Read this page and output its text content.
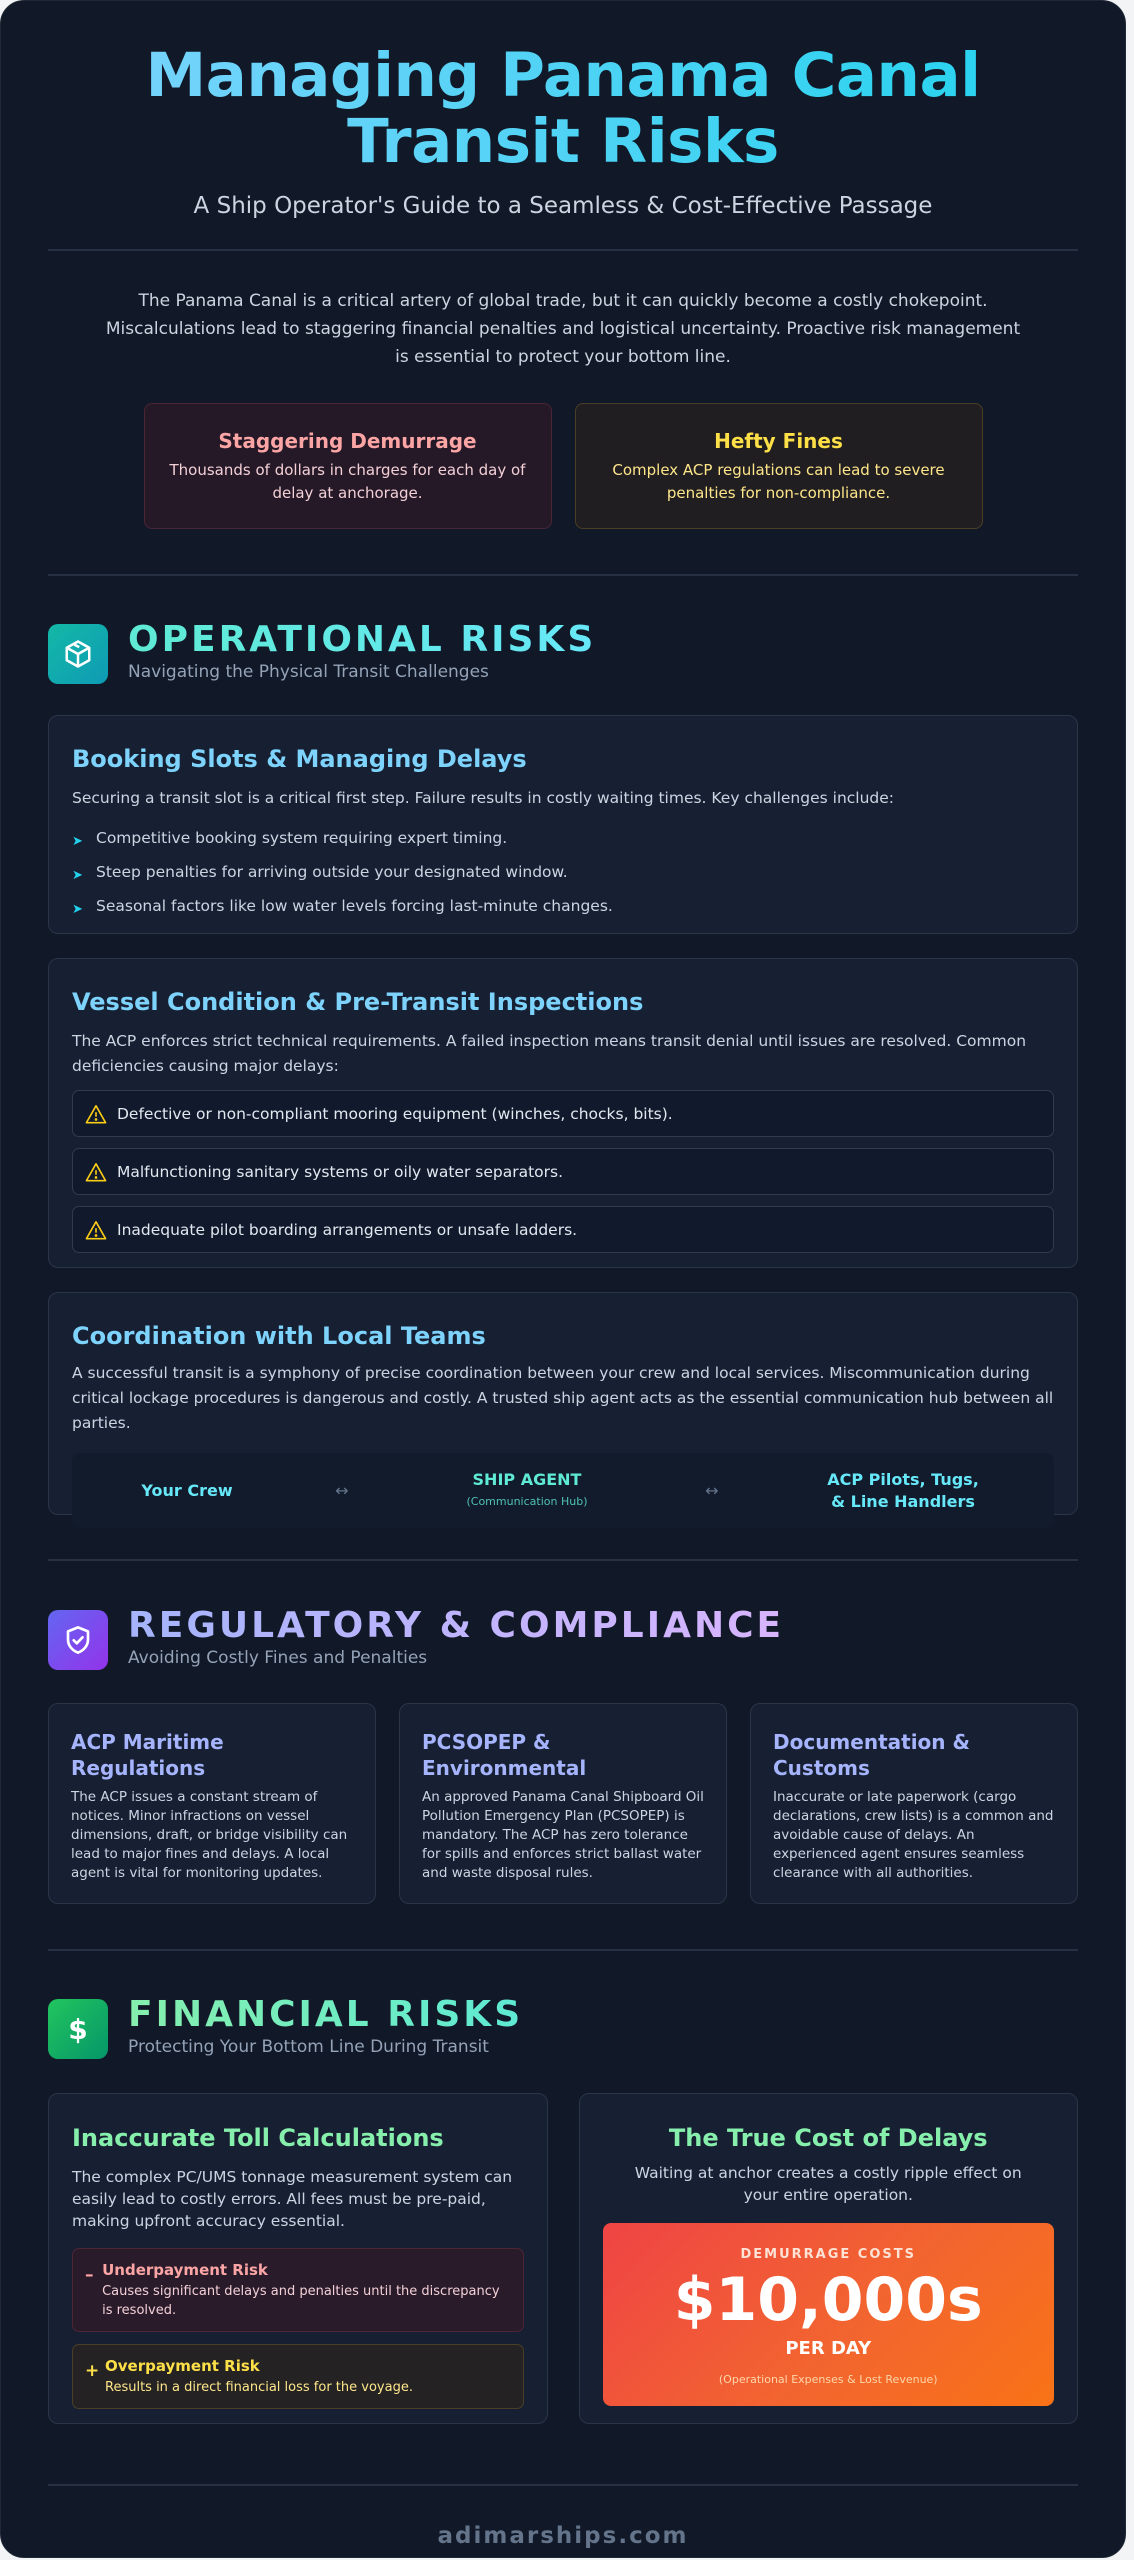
Managing Panama Canal Transit Risks

A Ship Operator's Guide to a Seamless & Cost-Effective Passage

The Panama Canal is a critical artery of global trade, but it can quickly become a costly chokepoint. Miscalculations lead to staggering financial penalties and logistical uncertainty. Proactive risk management is essential to protect your bottom line.

Staggering Demurrage

Thousands of dollars in charges for each day of delay at anchorage.

Hefty Fines

Complex ACP regulations can lead to severe penalties for non-compliance.

OPERATIONAL RISKS
Navigating the Physical Transit Challenges
Booking Slots & Managing Delays

Securing a transit slot is a critical first step. Failure results in costly waiting times. Key challenges include:

➤ Competitive booking system requiring expert timing.
➤ Steep penalties for arriving outside your designated window.
➤ Seasonal factors like low water levels forcing last-minute changes.
Vessel Condition & Pre-Transit Inspections

The ACP enforces strict technical requirements. A failed inspection means transit denial until issues are resolved. Common deficiencies causing major delays:

Defective or non-compliant mooring equipment (winches, chocks, bits).
Malfunctioning sanitary systems or oily water separators.
Inadequate pilot boarding arrangements or unsafe ladders.
Coordination with Local Teams

A successful transit is a symphony of precise coordination between your crew and local services. Miscommunication during critical lockage procedures is dangerous and costly. A trusted ship agent acts as the essential communication hub between all parties.

Your Crew	↔
SHIP AGENT
(Communication Hub)
↔
ACP Pilots, Tugs,
& Line Handlers
REGULATORY & COMPLIANCE
Avoiding Costly Fines and Penalties
ACP Maritime Regulations

The ACP issues a constant stream of notices. Minor infractions on vessel dimensions, draft, or bridge visibility can lead to major fines and delays. A local agent is vital for monitoring updates.

PCSOPEP & Environmental

An approved Panama Canal Shipboard Oil Pollution Emergency Plan (PCSOPEP) is mandatory. The ACP has zero tolerance for spills and enforces strict ballast water and waste disposal rules.

Documentation & Customs

Inaccurate or late paperwork (cargo declarations, crew lists) is a common and avoidable cause of delays. An experienced agent ensures seamless clearance with all authorities.

$ FINANCIAL RISKS
Protecting Your Bottom Line During Transit
Inaccurate Toll Calculations

The complex PC/UMS tonnage measurement system can easily lead to costly errors. All fees must be pre-paid, making upfront accuracy essential.

– Underpayment Risk

Causes significant delays and penalties until the discrepancy is resolved.

+ Overpayment Risk

Results in a direct financial loss for the voyage.

The True Cost of Delays

Waiting at anchor creates a costly ripple effect on your entire operation.

DEMURRAGE COSTS
$10,000s
PER DAY
(Operational Expenses & Lost Revenue)
adimarships.com
